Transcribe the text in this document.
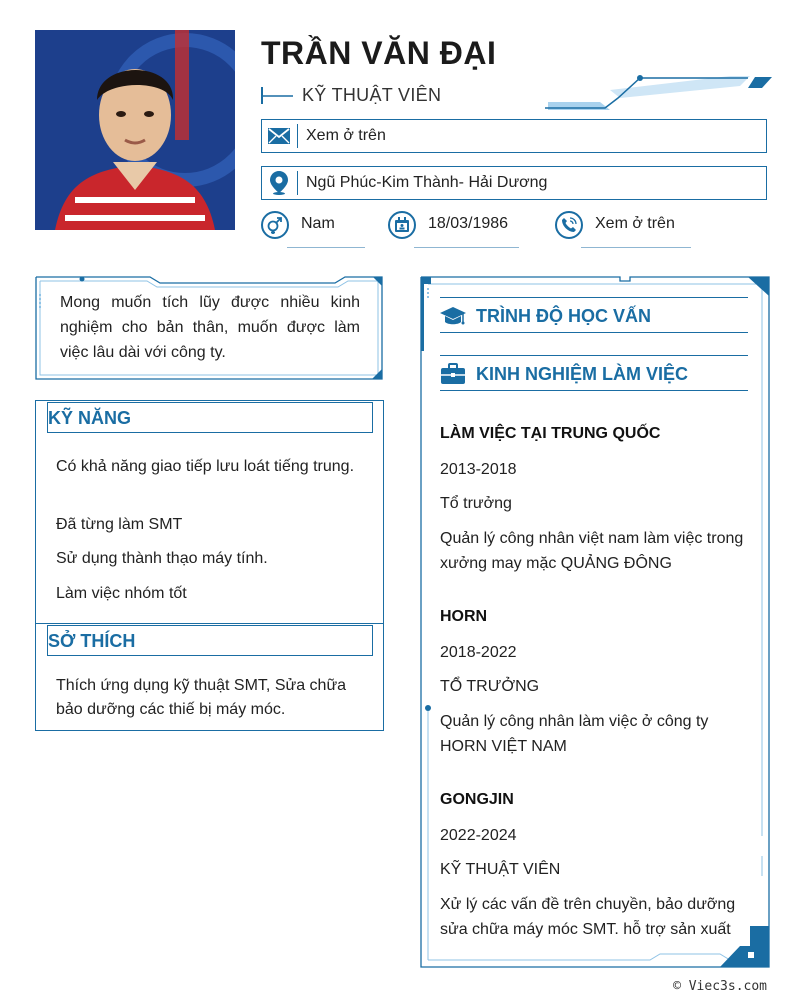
TRẦN VĂN ĐẠI
KỸ THUẬT VIÊN
Xem ở trên
Ngũ Phúc-Kim Thành- Hải Dương
Nam	18/03/1986	Xem ở trên
Mong muốn tích lũy được nhiều kinh nghiệm cho bản thân, muốn được làm việc lâu dài với công ty.
KỸ NĂNG
Có khả năng giao tiếp lưu loát tiếng trung.
Đã từng làm SMT
Sử dụng thành thạo máy tính.
Làm việc nhóm tốt
SỞ THÍCH
Thích ứng dụng kỹ thuật SMT, Sửa chữa bảo dưỡng các thiế bị máy móc.
TRÌNH ĐỘ HỌC VẤN
KINH NGHIỆM LÀM VIỆC
LÀM VIỆC TẠI TRUNG QUỐC
2013-2018
Tổ trưởng
Quản lý công nhân việt nam làm việc trong xưởng may mặc QUẢNG ĐÔNG
HORN
2018-2022
TỔ TRƯỞNG
Quản lý công nhân làm việc ở công ty HORN VIỆT NAM
GONGJIN
2022-2024
KỸ THUẬT VIÊN
Xử lý các vấn đề trên chuyền, bảo dưỡng sửa chữa máy móc SMT. hỗ trợ sản xuất
© Viec3s.com
